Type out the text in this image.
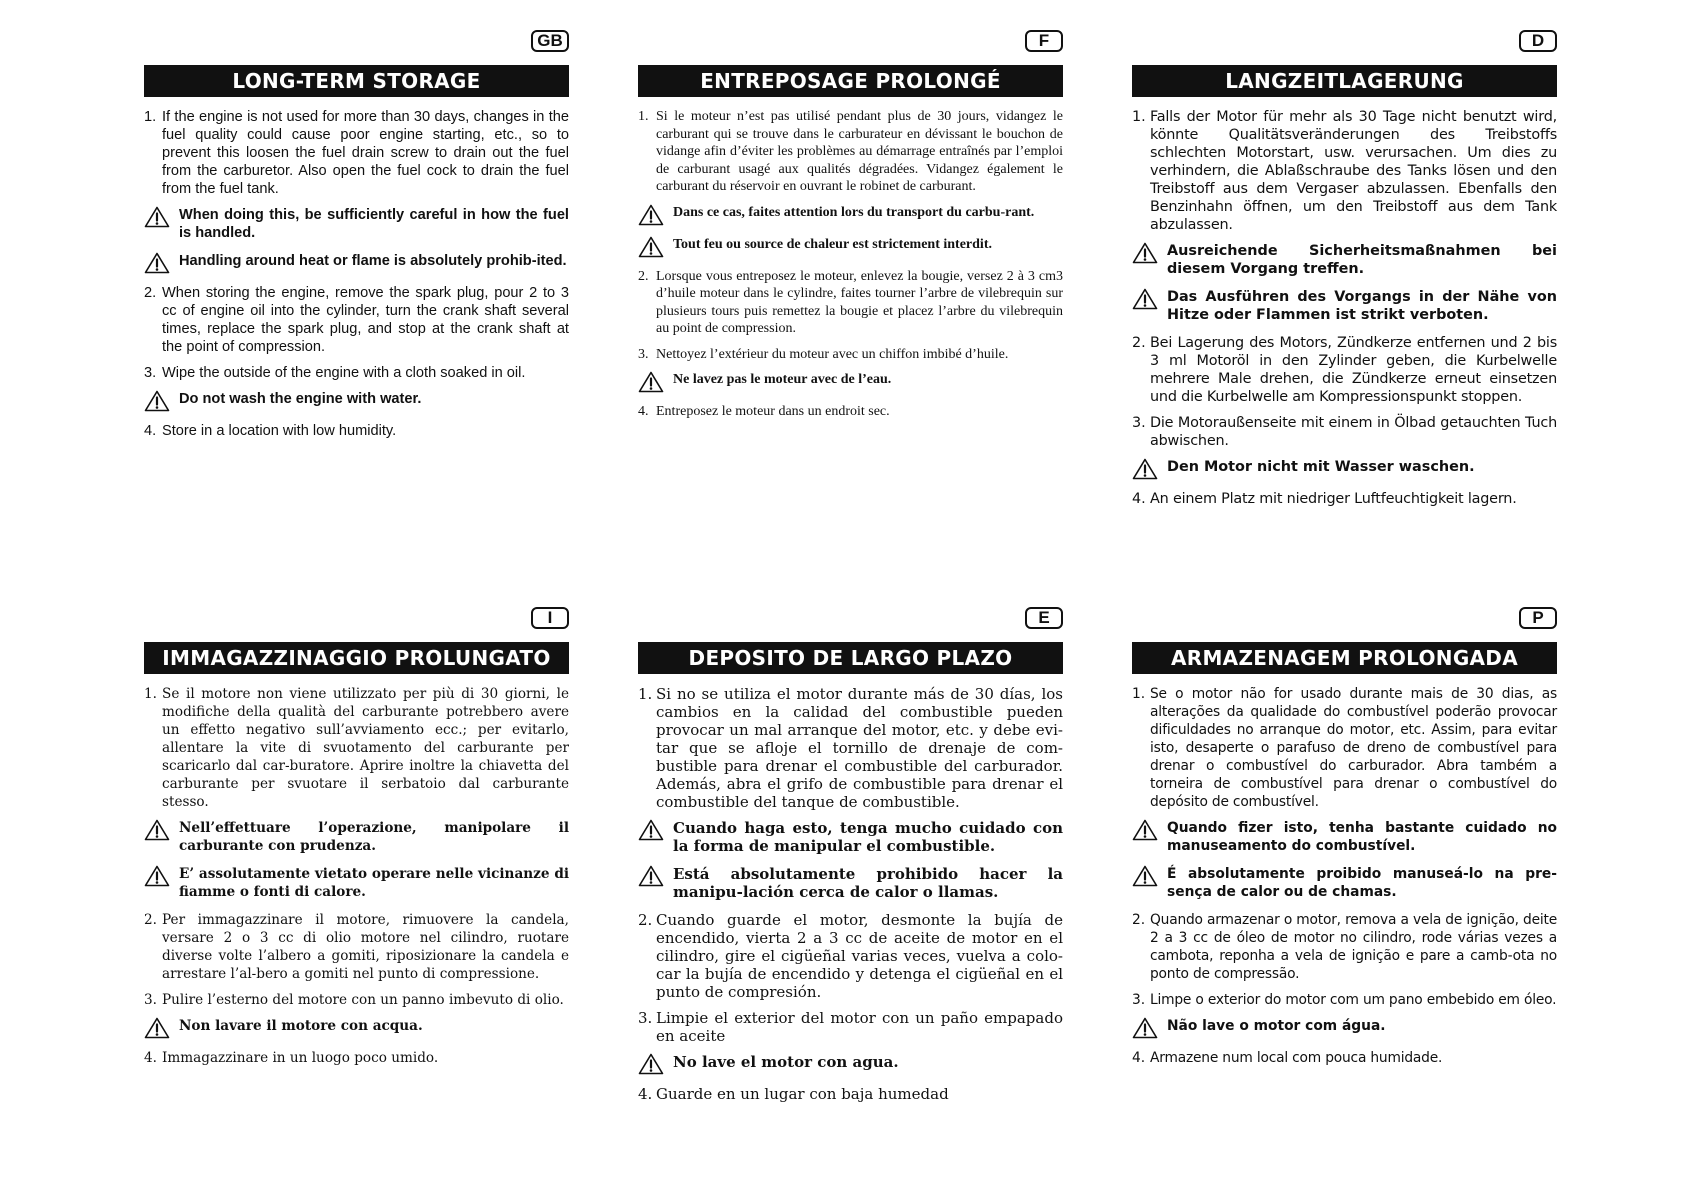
GB
LONG-TERM STORAGE
1. If the engine is not used for more than 30 days, changes in the fuel quality could cause poor engine starting, etc., so to prevent this loosen the fuel drain screw to drain out the fuel from the carburetor. Also open the fuel cock to drain the fuel from the fuel tank.
When doing this, be sufficiently careful in how the fuel is handled.
Handling around heat or flame is absolutely prohib-ited.
2. When storing the engine, remove the spark plug, pour 2 to 3 cc of engine oil into the cylinder, turn the crank shaft several times, replace the spark plug, and stop at the crank shaft at the point of compression.
3. Wipe the outside of the engine with a cloth soaked in oil.
Do not wash the engine with water.
4. Store in a location with low humidity.
F
ENTREPOSAGE PROLONGÉ
1. Si le moteur n’est pas utilisé pendant plus de 30 jours, vidangez le carburant qui se trouve dans le carburateur en dévissant le bouchon de vidange afin d’éviter les problèmes au démarrage entraînés par l’emploi de carburant usagé aux qualités dégradées. Vidangez également le carburant du réservoir en ouvrant le robinet de carburant.
Dans ce cas, faites attention lors du transport du carbu-rant.
Tout feu ou source de chaleur est strictement interdit.
2. Lorsque vous entreposez le moteur, enlevez la bougie, versez 2 à 3 cm3 d’huile moteur dans le cylindre, faites tourner l’arbre de vilebrequin sur plusieurs tours puis remettez la bougie et placez l’arbre du vilebrequin au point de compression.
3. Nettoyez l’extérieur du moteur avec un chiffon imbibé d’huile.
Ne lavez pas le moteur avec de l’eau.
4. Entreposez le moteur dans un endroit sec.
D
LANGZEITLAGERUNG
1. Falls der Motor für mehr als 30 Tage nicht benutzt wird, könnte Qualitätsveränderungen des Treibstoffs schlechten Motorstart, usw. verursachen. Um dies zu verhindern, die Ablaßschraube des Tanks lösen und den Treibstoff aus dem Vergaser abzulassen. Ebenfalls den Benzinhahn öffnen, um den Treibstoff aus dem Tank abzulassen.
Ausreichende Sicherheitsmaßnahmen bei diesem Vorgang treffen.
Das Ausführen des Vorgangs in der Nähe von Hitze oder Flammen ist strikt verboten.
2. Bei Lagerung des Motors, Zündkerze entfernen und 2 bis 3 ml Motoröl in den Zylinder geben, die Kurbelwelle mehrere Male drehen, die Zündkerze erneut einsetzen und die Kurbelwelle am Kompressionspunkt stoppen.
3. Die Motoraußenseite mit einem in Ölbad getauchten Tuch abwischen.
Den Motor nicht mit Wasser waschen.
4. An einem Platz mit niedriger Luftfeuchtigkeit lagern.
I
IMMAGAZZINAGGIO PROLUNGATO
1. Se il motore non viene utilizzato per più di 30 giorni, le modifiche della qualità del carburante potrebbero avere un effetto negativo sull’avviamento ecc.; per evitarlo, allentare la vite di svuotamento del carburante per scaricarlo dal car-buratore. Aprire inoltre la chiavetta del carburante per svuotare il serbatoio dal carburante stesso.
Nell’effettuare l’operazione, manipolare il carburante con prudenza.
E’ assolutamente vietato operare nelle vicinanze di fiamme o fonti di calore.
2. Per immagazzinare il motore, rimuovere la candela, versare 2 o 3 cc di olio motore nel cilindro, ruotare diverse volte l’albero a gomiti, riposizionare la candela e arrestare l’al-bero a gomiti nel punto di compressione.
3. Pulire l’esterno del motore con un panno imbevuto di olio.
Non lavare il motore con acqua.
4. Immagazzinare in un luogo poco umido.
E
DEPOSITO DE LARGO PLAZO
1. Si no se utiliza el motor durante más de 30 días, los cambios en la calidad del combustible pueden provocar un mal arranque del motor, etc. y debe evi-tar que se afloje el tornillo de drenaje de com-bustible para drenar el combustible del carburador. Además, abra el grifo de combustible para drenar el combustible del tanque de combustible.
Cuando haga esto, tenga mucho cuidado con la forma de manipular el combustible.
Está absolutamente prohibido hacer la manipu-lación cerca de calor o llamas.
2. Cuando guarde el motor, desmonte la bujía de encendido, vierta 2 a 3 cc de aceite de motor en el cilindro, gire el cigüeñal varias veces, vuelva a colo-car la bujía de encendido y detenga el cigüeñal en el punto de compresión.
3. Limpie el exterior del motor con un paño empapado en aceite
No lave el motor con agua.
4. Guarde en un lugar con baja humedad
P
ARMAZENAGEM PROLONGADA
1. Se o motor não for usado durante mais de 30 dias, as alterações da qualidade do combustível poderão provocar dificuldades no arranque do motor, etc. Assim, para evitar isto, desaperte o parafuso de dreno de combustível para drenar o combustível do carburador. Abra também a torneira de combustível para drenar o combustível do depósito de combustível.
Quando fizer isto, tenha bastante cuidado no manuseamento do combustível.
É absolutamente proibido manuseá-lo na pre-sença de calor ou de chamas.
2. Quando armazenar o motor, remova a vela de ignição, deite 2 a 3 cc de óleo de motor no cilindro, rode várias vezes a cambota, reponha a vela de ignição e pare a camb-ota no ponto de compressão.
3. Limpe o exterior do motor com um pano embebido em óleo.
Não lave o motor com água.
4. Armazene num local com pouca humidade.
